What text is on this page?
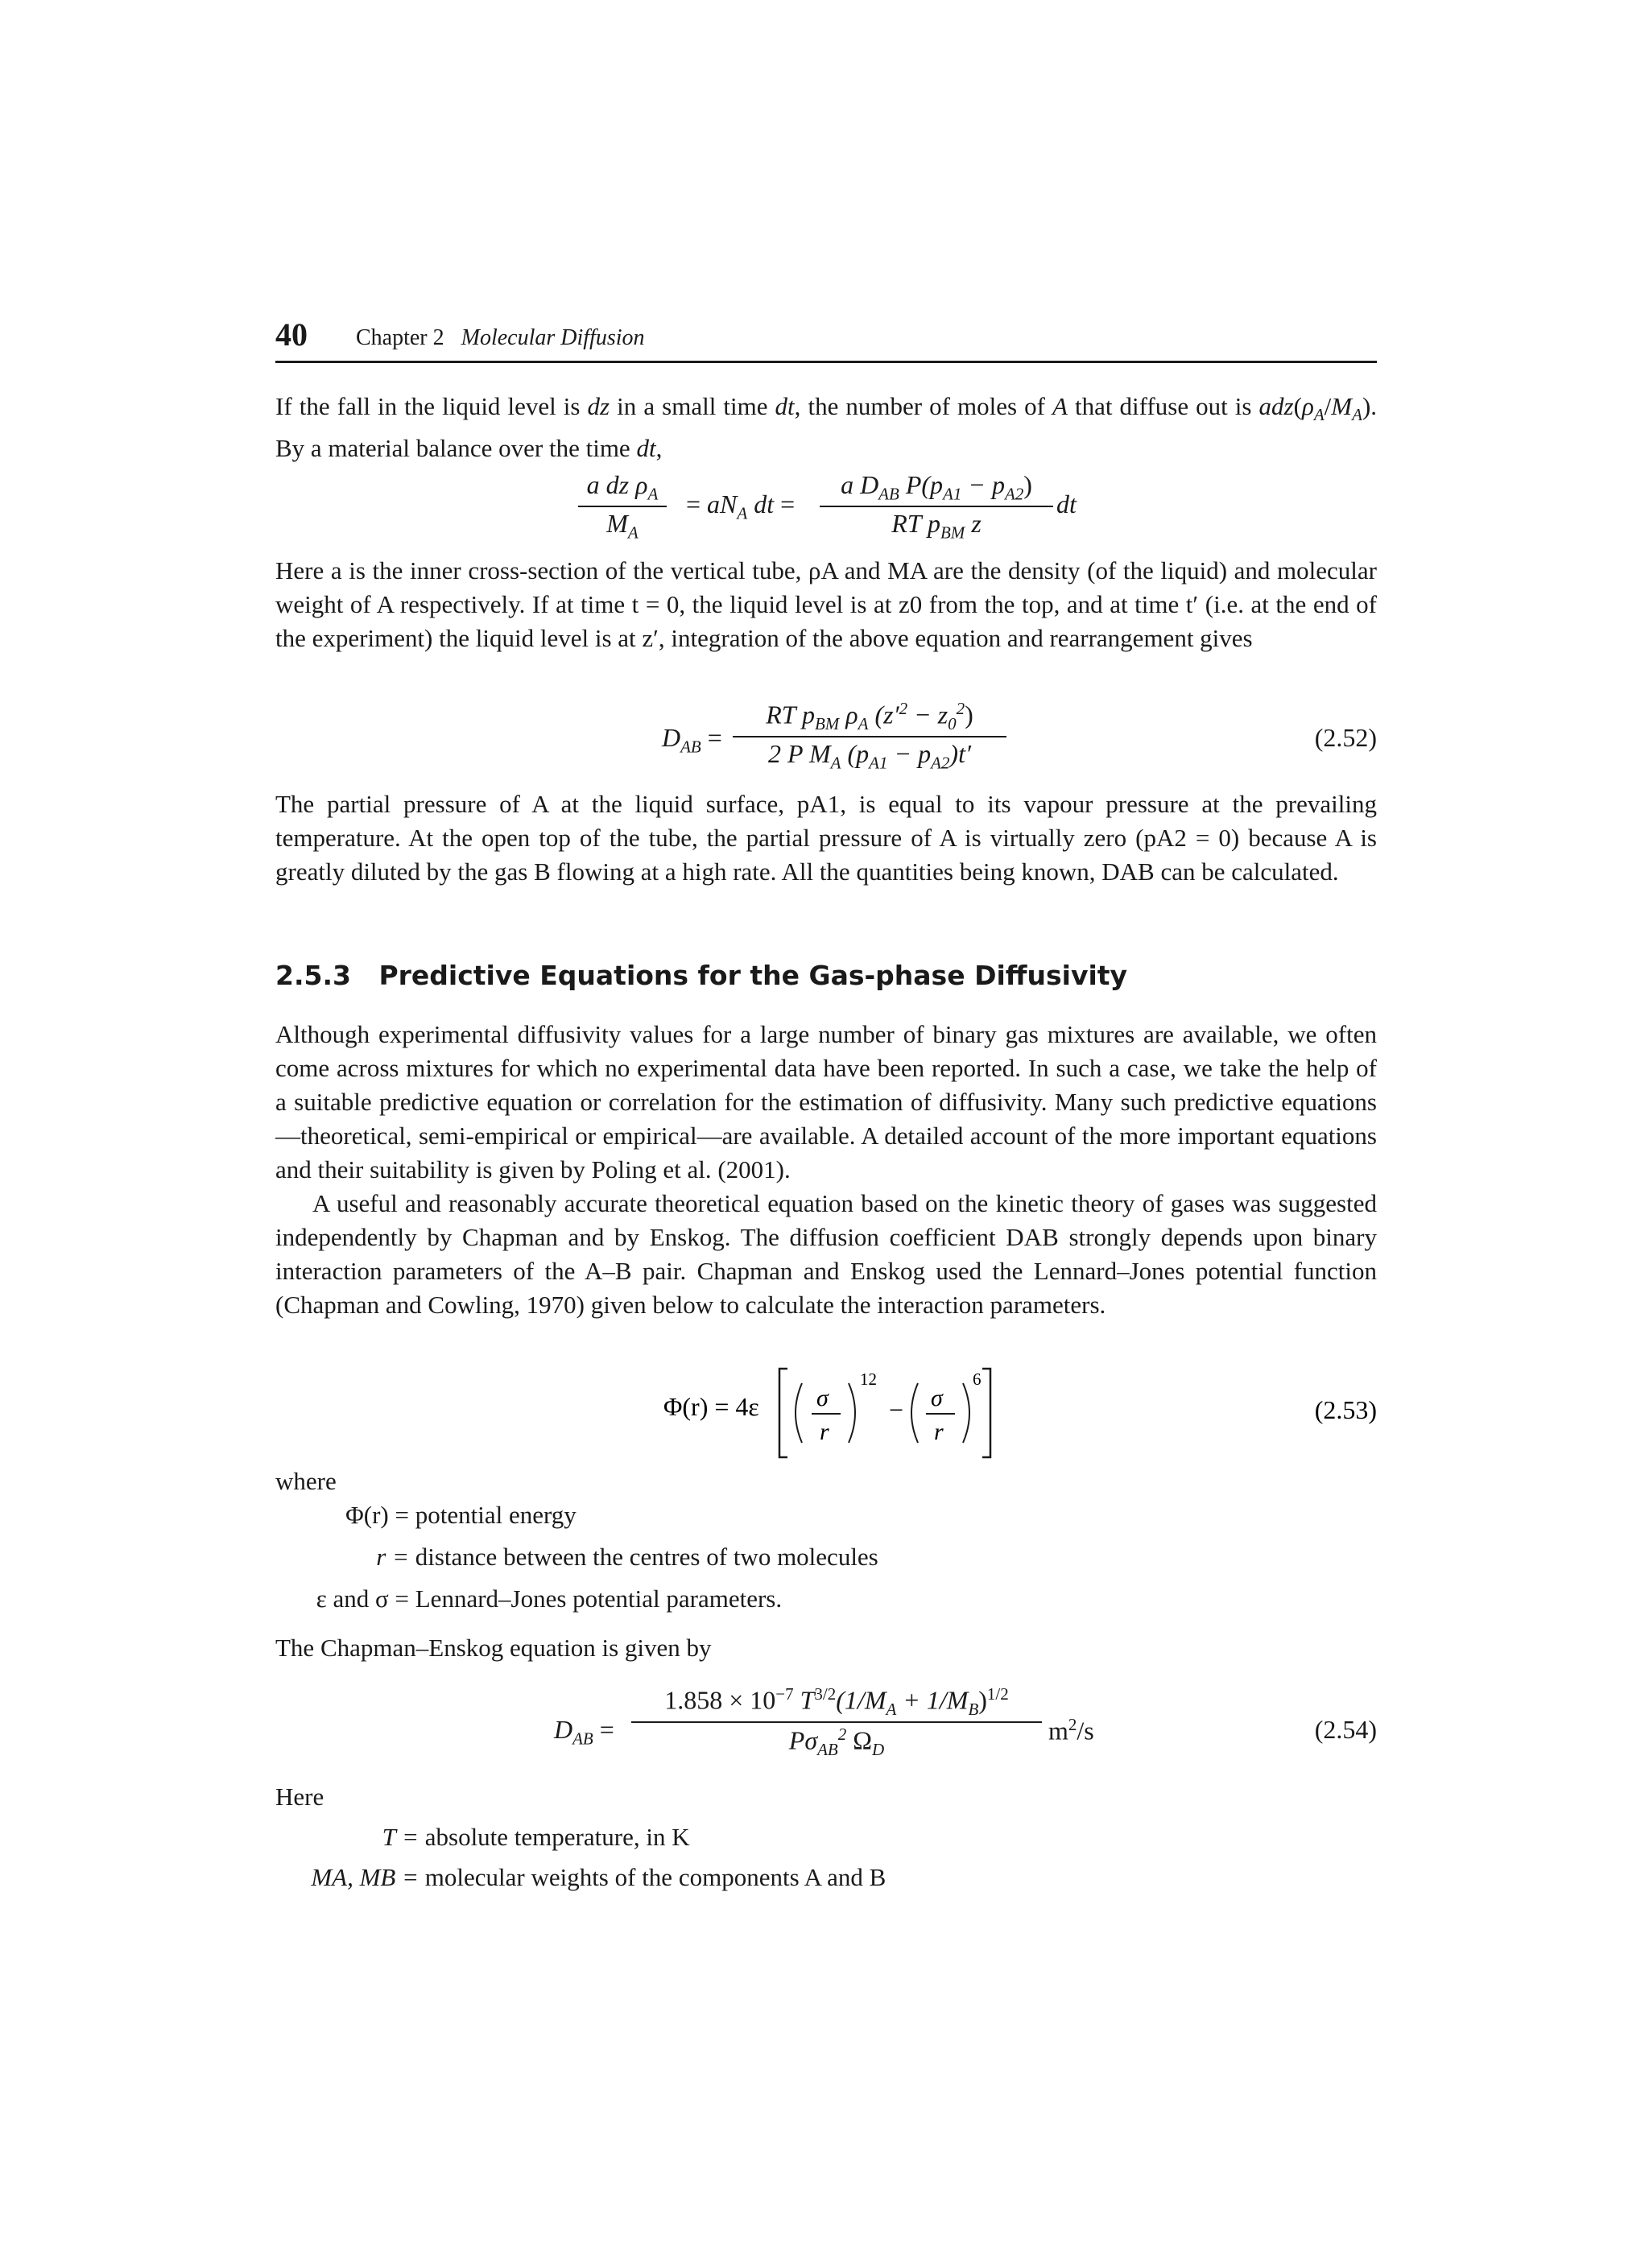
40 Chapter 2 Molecular Diffusion
If the fall in the liquid level is dz in a small time dt, the number of moles of A that diffuse out is $adz(\rho_A/M_A)$. By a material balance over the time dt,
a dz $\rho_A$
$M_A$
= $aN_A$ dt =
a $D_{AB}$ $P(p_{A1} - p_{A2})$
RT $p_{BM}$ z
dt
Here a is the inner cross-section of the vertical tube, ρA and MA are the density (of the liquid) and molecular weight of A respectively. If at time t = 0, the liquid level is at z0 from the top, and at time t′ (i.e. at the end of the experiment) the liquid level is at z′, integration of the above equation and rearrangement gives
$D_{AB}$ =
RT $p_{BM}$ $\rho_A$ $(z'^2 - z_0^2)$
2 P $M_A$ $(p_{A1} - p_{A2})t'$
(2.52)
The partial pressure of A at the liquid surface, pA1, is equal to its vapour pressure at the prevailing temperature. At the open top of the tube, the partial pressure of A is virtually zero (pA2 = 0) because A is greatly diluted by the gas B flowing at a high rate. All the quantities being known, DAB can be calculated.
2.5.3 Predictive Equations for the Gas-phase Diffusivity
Although experimental diffusivity values for a large number of binary gas mixtures are available, we often come across mixtures for which no experimental data have been reported. In such a case, we take the help of a suitable predictive equation or correlation for the estimation of diffusivity. Many such predictive equations—theoretical, semi-empirical or empirical—are available. A detailed account of the more important equations and their suitability is given by Poling et al. (2001).
A useful and reasonably accurate theoretical equation based on the kinetic theory of gases was suggested independently by Chapman and by Enskog. The diffusion coefficient DAB strongly depends upon binary interaction parameters of the A–B pair. Chapman and Enskog used the Lennard–Jones potential function (Chapman and Cowling, 1970) given below to calculate the interaction parameters.
Φ(r) = 4ε σ
r
12
− σ
r
6
(2.53)
where
Φ(r) = potential energy
r = distance between the centres of two molecules
ε and σ = Lennard–Jones potential parameters.
The Chapman–Enskog equation is given by
$D_{AB}$ =
$1.858 \times 10^{-7}$ $T^{3/2}(1/M_A + 1/M_B)^{1/2}$
$P\sigma_{AB}^2$ $\Omega_D$
$m^2/s$	(2.54)
Here
T = absolute temperature, in K
MA, MB = molecular weights of the components A and B
